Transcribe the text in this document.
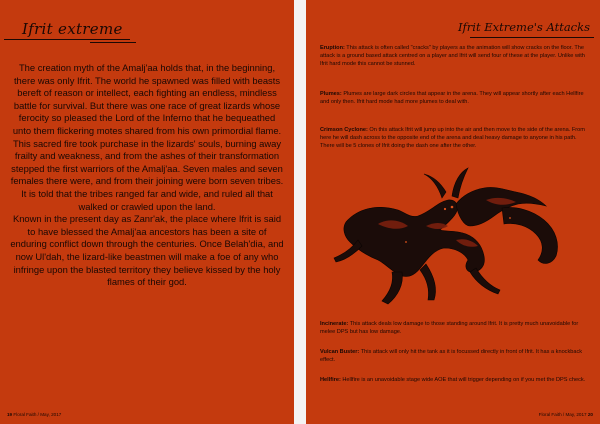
Ifrit extreme

The creation myth of the Amalj'aa holds that, in the beginning, there was only Ifrit. The world he spawned was filled with beasts bereft of reason or intellect, each fighting an endless, mindless battle for survival. But there was one race of great lizards whose ferocity so pleased the Lord of the Inferno that he bequeathed unto them flickering motes shared from his own primordial flame.

This sacred fire took purchase in the lizards' souls, burning away frailty and weakness, and from the ashes of their transformation stepped the first warriors of the Amalj'aa. Seven males and seven females there were, and from their joining were born seven tribes. It is told that the tribes ranged far and wide, and ruled all that walked or crawled upon the land.

Known in the present day as Zanr'ak, the place where Ifrit is said to have blessed the Amalj'aa ancestors has been a site of enduring conflict down through the centuries. Once Belah'dia, and now Ul'dah, the lizard-like beastmen will make a foe of any who infringe upon the blasted territory they believe kissed by the holy flames of their god.

19 Floral Faith / May, 2017
Ifrit Extreme's Attacks

Eruption: This attack is often called "cracks" by players as the animation will show cracks on the floor. The attack is a ground based attack centred on a player and Ifrit will send four of these at the player. Unlike with Ifrit hard mode this cannot be stunned.

Plumes: Plumes are large dark circles that appear in the arena. They will appear shortly after each Hellfire and only then. Ifrit hard mode had more plumes to deal with.

Crimson Cyclone: On this attack Ifrit will jump up into the air and then move to the side of the arena. From here he will dash across to the opposite end of the arena and deal heavy damage to anyone in his path. There will be 5 clones of Ifrit doing the dash one after the other.

Incinerate: This attack deals low damage to those standing around Ifrit. It is pretty much unavoidable for melee DPS but has low damage.

Vulcan Buster: This attack will only hit the tank as it is focussed directly in front of Ifrit. It has a knockback effect.

Hellfire: Hellfire is an unavoidable stage wide AOE that will trigger depending on if you met the DPS check.

Floral Faith / May, 2017 20
